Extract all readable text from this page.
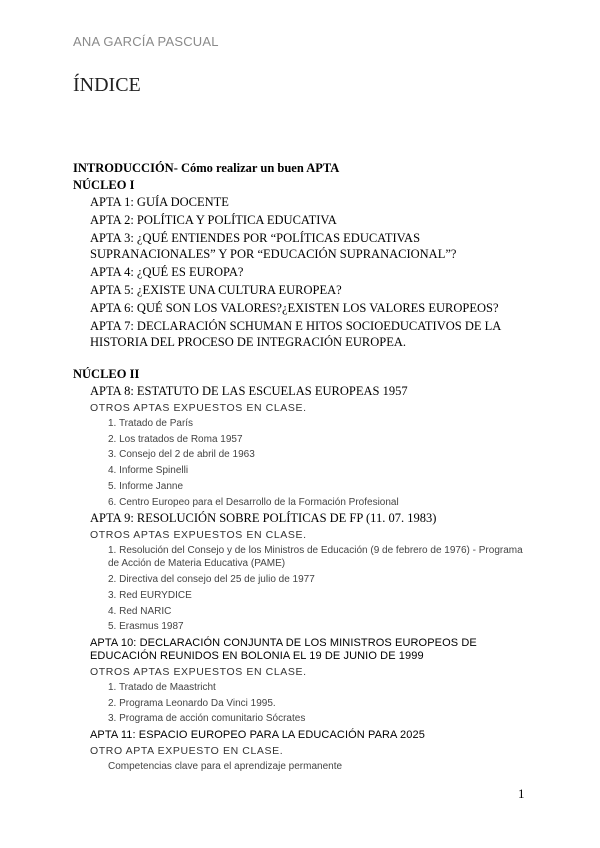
ANA GARCÍA PASCUAL
ÍNDICE
INTRODUCCIÓN- Cómo realizar un buen APTA
NÚCLEO I
APTA 1: GUÍA DOCENTE
APTA 2: POLÍTICA Y POLÍTICA EDUCATIVA
APTA 3: ¿QUÉ ENTIENDES POR “POLÍTICAS EDUCATIVAS SUPRANACIONALES” Y POR “EDUCACIÓN SUPRANACIONAL”?
APTA 4: ¿QUÉ ES EUROPA?
APTA 5: ¿EXISTE UNA CULTURA EUROPEA?
APTA 6: QUÉ SON LOS VALORES?¿EXISTEN LOS VALORES EUROPEOS?
APTA 7: DECLARACIÓN SCHUMAN E HITOS SOCIOEDUCATIVOS DE LA HISTORIA DEL PROCESO DE INTEGRACIÓN EUROPEA.
NÚCLEO II
APTA 8: ESTATUTO DE LAS ESCUELAS EUROPEAS 1957
OTROS APTAS EXPUESTOS EN CLASE.
1. Tratado de París
2. Los tratados de Roma 1957
3. Consejo del 2 de abril de 1963
4. Informe Spinelli
5. Informe Janne
6. Centro Europeo para el Desarrollo de la Formación Profesional
APTA 9: RESOLUCIÓN SOBRE POLÍTICAS DE FP (11. 07. 1983)
OTROS APTAS EXPUESTOS EN CLASE.
1. Resolución del Consejo y de los Ministros de Educación (9 de febrero de 1976) - Programa de Acción de Materia Educativa (PAME)
2. Directiva del consejo del 25 de julio de 1977
3. Red EURYDICE
4. Red NARIC
5. Erasmus 1987
APTA 10: DECLARACIÓN CONJUNTA DE LOS MINISTROS EUROPEOS DE EDUCACIÓN REUNIDOS EN BOLONIA EL 19 DE JUNIO DE 1999
OTROS APTAS EXPUESTOS EN CLASE.
1. Tratado de Maastricht
2. Programa Leonardo Da Vinci 1995.
3. Programa de acción comunitario Sócrates
APTA 11: ESPACIO EUROPEO PARA LA EDUCACIÓN PARA 2025
OTRO APTA EXPUESTO EN CLASE.
Competencias clave para el aprendizaje permanente
1
